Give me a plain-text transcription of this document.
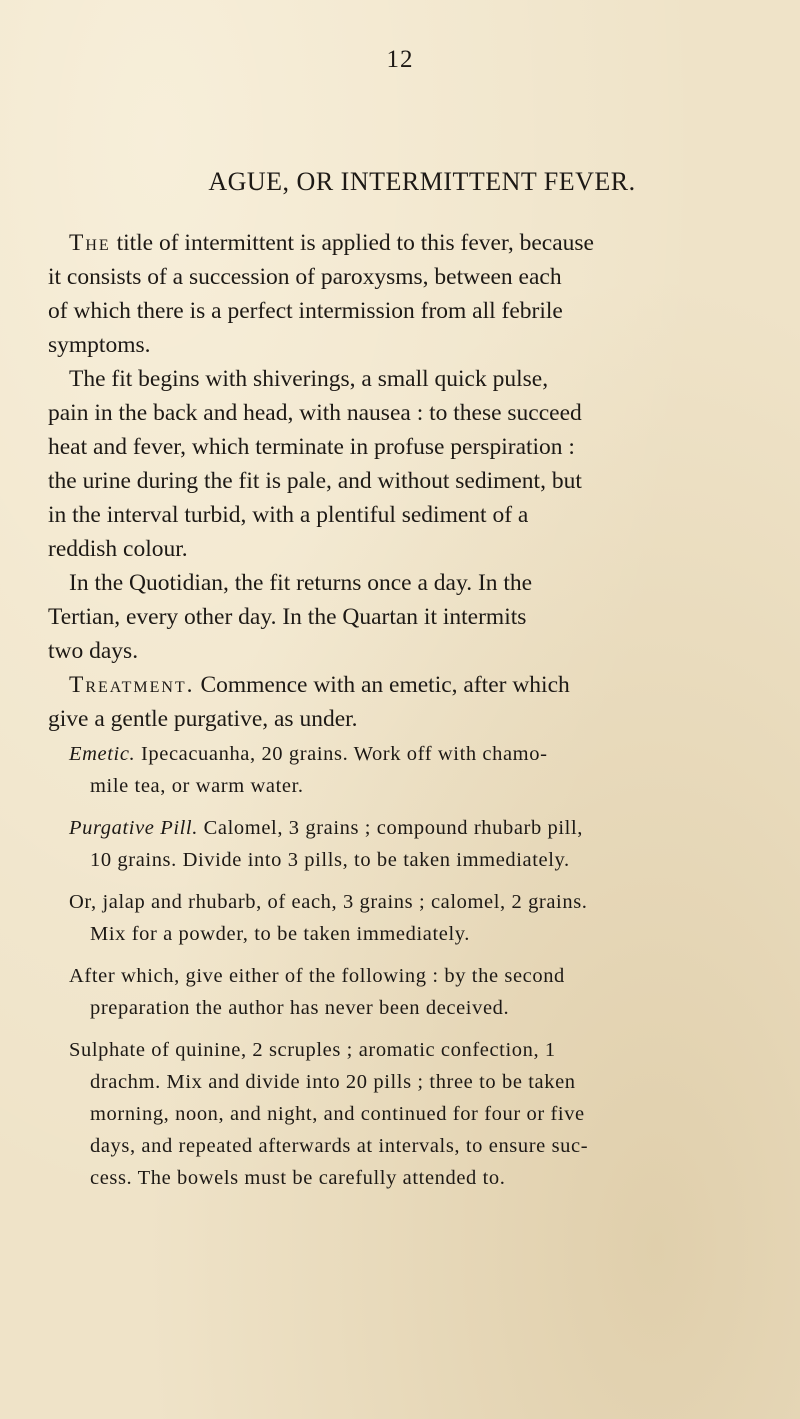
12
AGUE, OR INTERMITTENT FEVER.
The title of intermittent is applied to this fever, because
it consists of a succession of paroxysms, between each
of which there is a perfect intermission from all febrile
symptoms.
The fit begins with shiverings, a small quick pulse,
pain in the back and head, with nausea : to these succeed
heat and fever, which terminate in profuse perspiration :
the urine during the fit is pale, and without sediment, but
in the interval turbid, with a plentiful sediment of a
reddish colour.
In the Quotidian, the fit returns once a day. In the
Tertian, every other day. In the Quartan it intermits
two days.
Treatment. Commence with an emetic, after which
give a gentle purgative, as under.
Emetic. Ipecacuanha, 20 grains. Work off with chamo-
mile tea, or warm water.
Purgative Pill. Calomel, 3 grains ; compound rhubarb pill,
10 grains. Divide into 3 pills, to be taken immediately.
Or, jalap and rhubarb, of each, 3 grains ; calomel, 2 grains.
Mix for a powder, to be taken immediately.
After which, give either of the following : by the second
preparation the author has never been deceived.
Sulphate of quinine, 2 scruples ; aromatic confection, 1
drachm. Mix and divide into 20 pills ; three to be taken
morning, noon, and night, and continued for four or five
days, and repeated afterwards at intervals, to ensure suc-
cess. The bowels must be carefully attended to.
